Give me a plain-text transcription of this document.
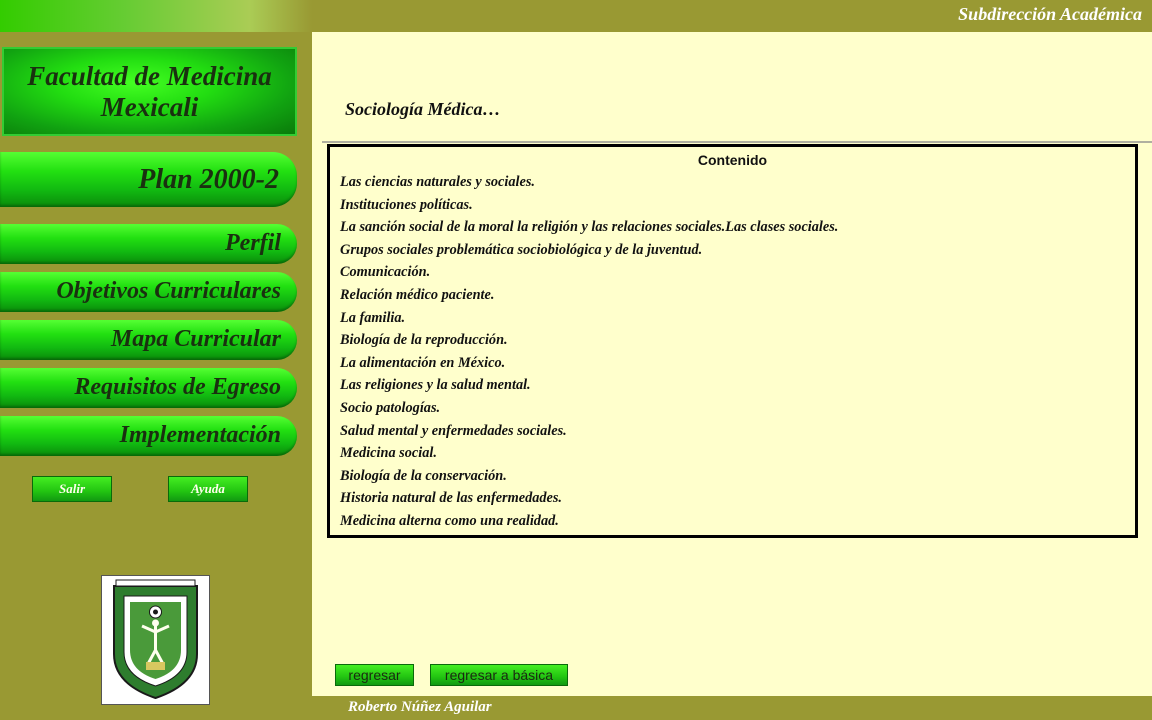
Facultad de Medicina
Mexicali
Plan 2000-2
Perfil
Objetivos Curriculares
Mapa Curricular
Requisitos de Egreso
Implementación
Salir	Ayuda
Subdirección Académica
Sociología Médica…
Contenido
Las ciencias naturales y sociales.
Instituciones políticas.
La sanción social de la moral la religión y las relaciones sociales.Las clases sociales.
Grupos sociales problemática sociobiológica y de la juventud.
Comunicación.
Relación médico paciente.
La familia.
Biología de la reproducción.
La alimentación en México.
Las religiones y la salud mental.
Socio patologías.
Salud mental y enfermedades sociales.
Medicina social.
Biología de la conservación.
Historia natural de las enfermedades.
Medicina alterna como una realidad.
regresar	regresar a básica
Roberto Núñez Aguilar
